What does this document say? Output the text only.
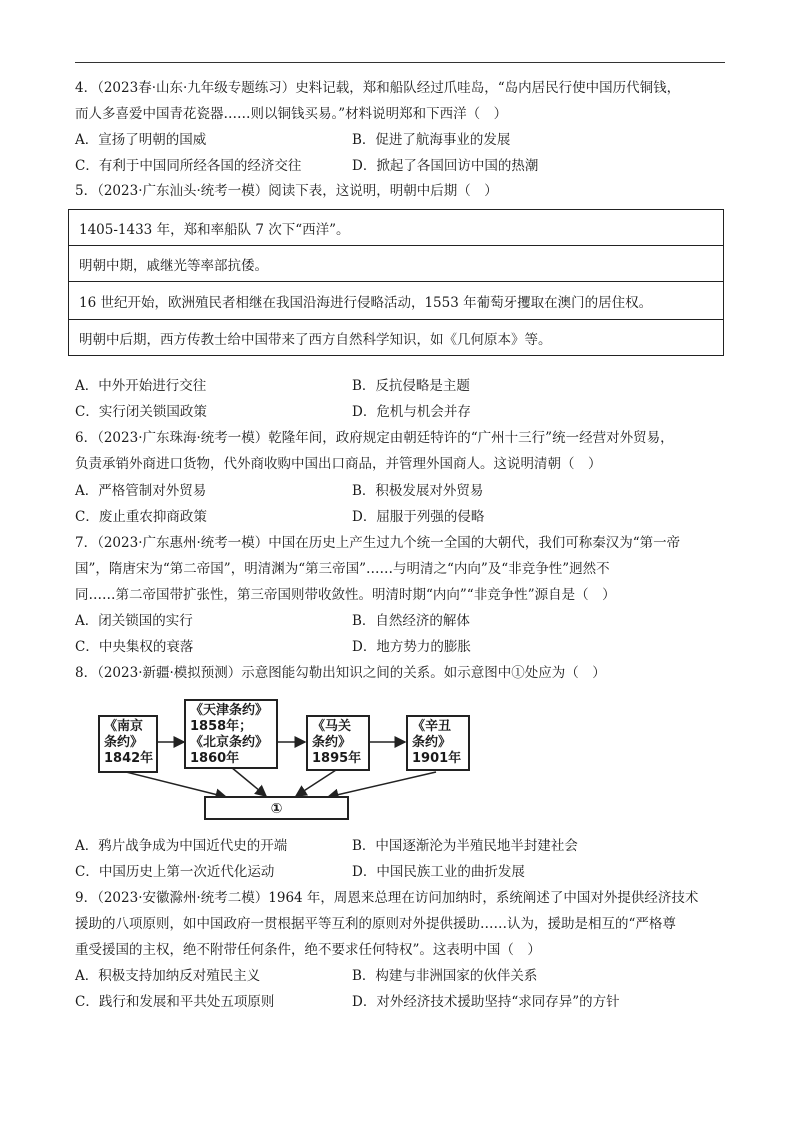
4．（2023春·山东·九年级专题练习）史料记载，郑和船队经过爪哇岛，“岛内居民行使中国历代铜钱，
而人多喜爱中国青花瓷器……则以铜钱买易。”材料说明郑和下西洋（　）
A．宣扬了明朝的国威	B．促进了航海事业的发展
C．有利于中国同所经各国的经济交往	D．掀起了各国回访中国的热潮
5．（2023·广东汕头·统考一模）阅读下表，这说明，明朝中后期（　）
1405-1433 年，郑和率船队 7 次下“西洋”。
明朝中期，戚继光等率部抗倭。
16 世纪开始，欧洲殖民者相继在我国沿海进行侵略活动，1553 年葡萄牙攫取在澳门的居住权。
明朝中后期，西方传教士给中国带来了西方自然科学知识，如《几何原本》等。
A．中外开始进行交往	B．反抗侵略是主题
C．实行闭关锁国政策	D．危机与机会并存
6．（2023·广东珠海·统考一模）乾隆年间，政府规定由朝廷特许的“广州十三行”统一经营对外贸易，
负责承销外商进口货物，代外商收购中国出口商品，并管理外国商人。这说明清朝（　）
A．严格管制对外贸易	B．积极发展对外贸易
C．废止重农抑商政策	D．屈服于列强的侵略
7．（2023·广东惠州·统考一模）中国在历史上产生过九个统一全国的大朝代，我们可称秦汉为“第一帝
国”，隋唐宋为“第二帝国”，明清渊为“第三帝国”……与明清之“内向”及“非竞争性”迥然不
同……第二帝国带扩张性，第三帝国则带收敛性。明清时期“内向”“非竞争性”源自是（　）
A．闭关锁国的实行	B．自然经济的解体
C．中央集权的衰落	D．地方势力的膨胀
8．（2023·新疆·模拟预测）示意图能勾勒出知识之间的关系。如示意图中①处应为（　）
《南京
条约》
1842年
《天津条约》
1858年；
《北京条约》
1860年
《马关
条约》
1895年
《辛丑
条约》
1901年
①
A．鸦片战争成为中国近代史的开端	B．中国逐渐沦为半殖民地半封建社会
C．中国历史上第一次近代化运动	D．中国民族工业的曲折发展
9．（2023·安徽滁州·统考二模）1964 年，周恩来总理在访问加纳时，系统阐述了中国对外提供经济技术
援助的八项原则，如中国政府一贯根据平等互利的原则对外提供援助……认为，援助是相互的“严格尊
重受援国的主权，绝不附带任何条件，绝不要求任何特权”。这表明中国（　）
A．积极支持加纳反对殖民主义	B．构建与非洲国家的伙伴关系
C．践行和发展和平共处五项原则	D．对外经济技术援助坚持“求同存异”的方针
